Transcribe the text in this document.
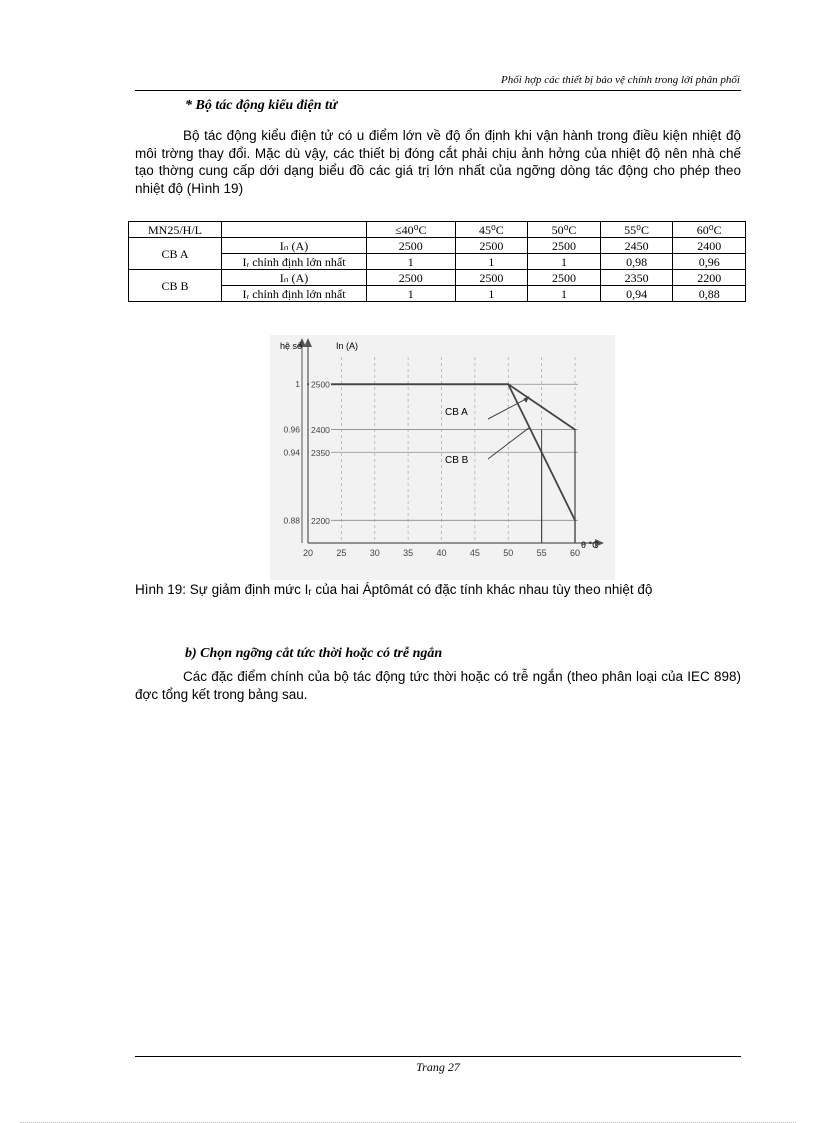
Phối hợp các thiết bị bảo vệ chính trong lới phân phối
* Bộ tác động kiểu điện tử

Bộ tác động kiểu điện tử có u điểm lớn về độ ổn định khi vận hành trong điều kiện nhiệt độ môi trờng thay đổi. Mặc dù vậy, các thiết bị đóng cắt phải chịu ảnh hởng của nhiệt độ nên nhà chế tạo thờng cung cấp dới dạng biểu đồ các giá trị lớn nhất của ngỡng dòng tác động cho phép theo nhiệt độ (Hình 19)

MN25/H/L		≤40⁰C	45⁰C	50⁰C	55⁰C	60⁰C
CB A	Iₙ (A)	2500	2500	2500	2450	2400
	Iᵣ chỉnh định lớn nhất	1	1	1	0,98	0,96
CB B	Iₙ (A)	2500	2500	2500	2350	2200
	Iᵣ chỉnh định lớn nhất	1	1	1	0,94	0,88
20	25	30	35	40	45	50	55	60
2500
2400
2350
2200
1
0.96
0.94
0.88
In (A)
hệ số
θ °C
CB A
CB B
Hình 19: Sự giảm định mức Iᵣ của hai Áptômát có đặc tính khác nhau tùy theo nhiệt độ
b) Chọn ngỡng cắt tức thời hoặc có trễ ngắn

Các đặc điểm chính của bộ tác động tức thời hoặc có trễ ngắn (theo phân loại của IEC 898) đợc tổng kết trong bảng sau.

Trang 27
